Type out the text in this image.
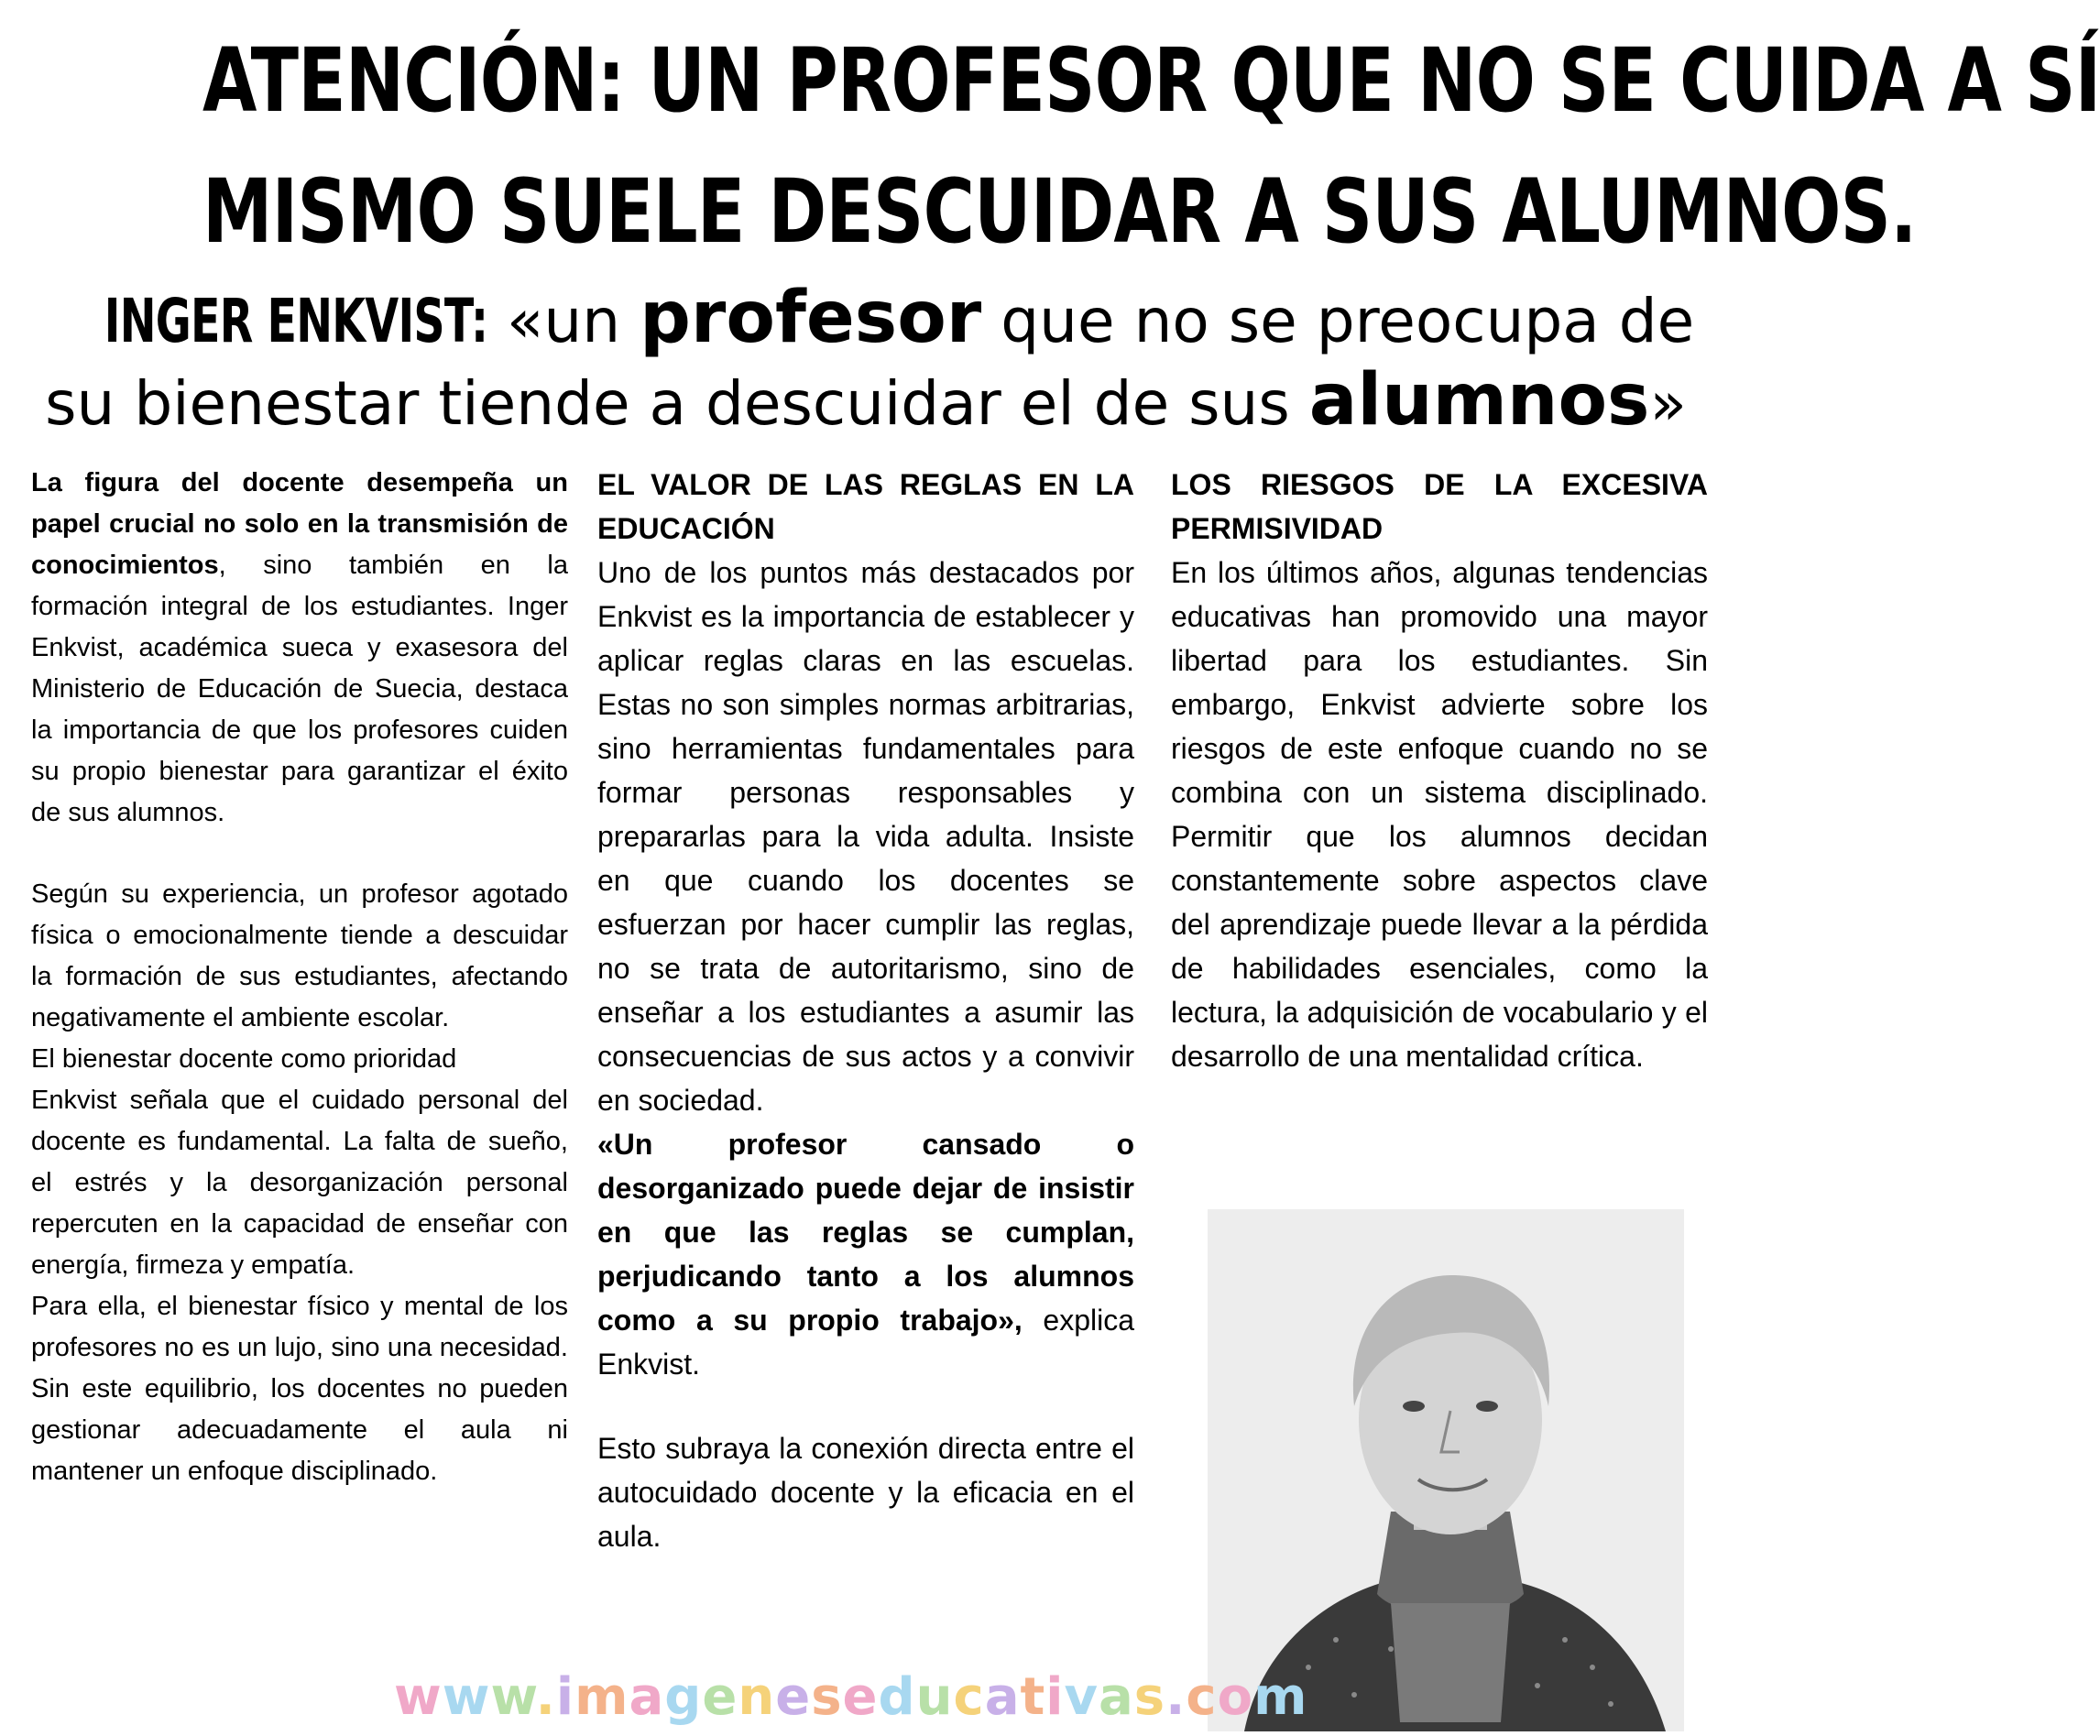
ATENCIÓN: UN PROFESOR QUE NO SE CUIDA A SÍ
MISMO SUELE DESCUIDAR A SUS ALUMNOS.
INGER ENKVIST: «un profesor que no se preocupa de
su bienestar tiende a descuidar el de sus alumnos»

La figura del docente desempeña un papel crucial no solo en la transmisión de conocimientos, sino también en la formación integral de los estudiantes. Inger Enkvist, académica sueca y exasesora del Ministerio de Educación de Suecia, destaca la importancia de que los profesores cuiden su propio bienestar para garantizar el éxito de sus alumnos.

Según su experiencia, un profesor agotado física o emocionalmente tiende a descuidar la formación de sus estudiantes, afectando negativamente el ambiente escolar.

El bienestar docente como prioridad

Enkvist señala que el cuidado personal del docente es fundamental. La falta de sueño, el estrés y la desorganización personal repercuten en la capacidad de enseñar con energía, firmeza y empatía.

Para ella, el bienestar físico y mental de los profesores no es un lujo, sino una necesidad. Sin este equilibrio, los docentes no pueden gestionar adecuadamente el aula ni mantener un enfoque disciplinado.

EL VALOR DE LAS REGLAS EN LA EDUCACIÓN

Uno de los puntos más destacados por Enkvist es la importancia de establecer y aplicar reglas claras en las escuelas. Estas no son simples normas arbitrarias, sino herramientas fundamentales para formar personas responsables y prepararlas para la vida adulta. Insiste en que cuando los docentes se esfuerzan por hacer cumplir las reglas, no se trata de autoritarismo, sino de enseñar a los estudiantes a asumir las consecuencias de sus actos y a convivir en sociedad.

«Un profesor cansado o desorganizado puede dejar de insistir en que las reglas se cumplan, perjudicando tanto a los alumnos como a su propio trabajo», explica Enkvist.

Esto subraya la conexión directa entre el autocuidado docente y la eficacia en el aula.

LOS RIESGOS DE LA EXCESIVA PERMISIVIDAD

En los últimos años, algunas tendencias educativas han promovido una mayor libertad para los estudiantes. Sin embargo, Enkvist advierte sobre los riesgos de este enfoque cuando no se combina con un sistema disciplinado. Permitir que los alumnos decidan constantemente sobre aspectos clave del aprendizaje puede llevar a la pérdida de habilidades esenciales, como la lectura, la adquisición de vocabulario y el desarrollo de una mentalidad crítica.

www.imageneseducativas.com
